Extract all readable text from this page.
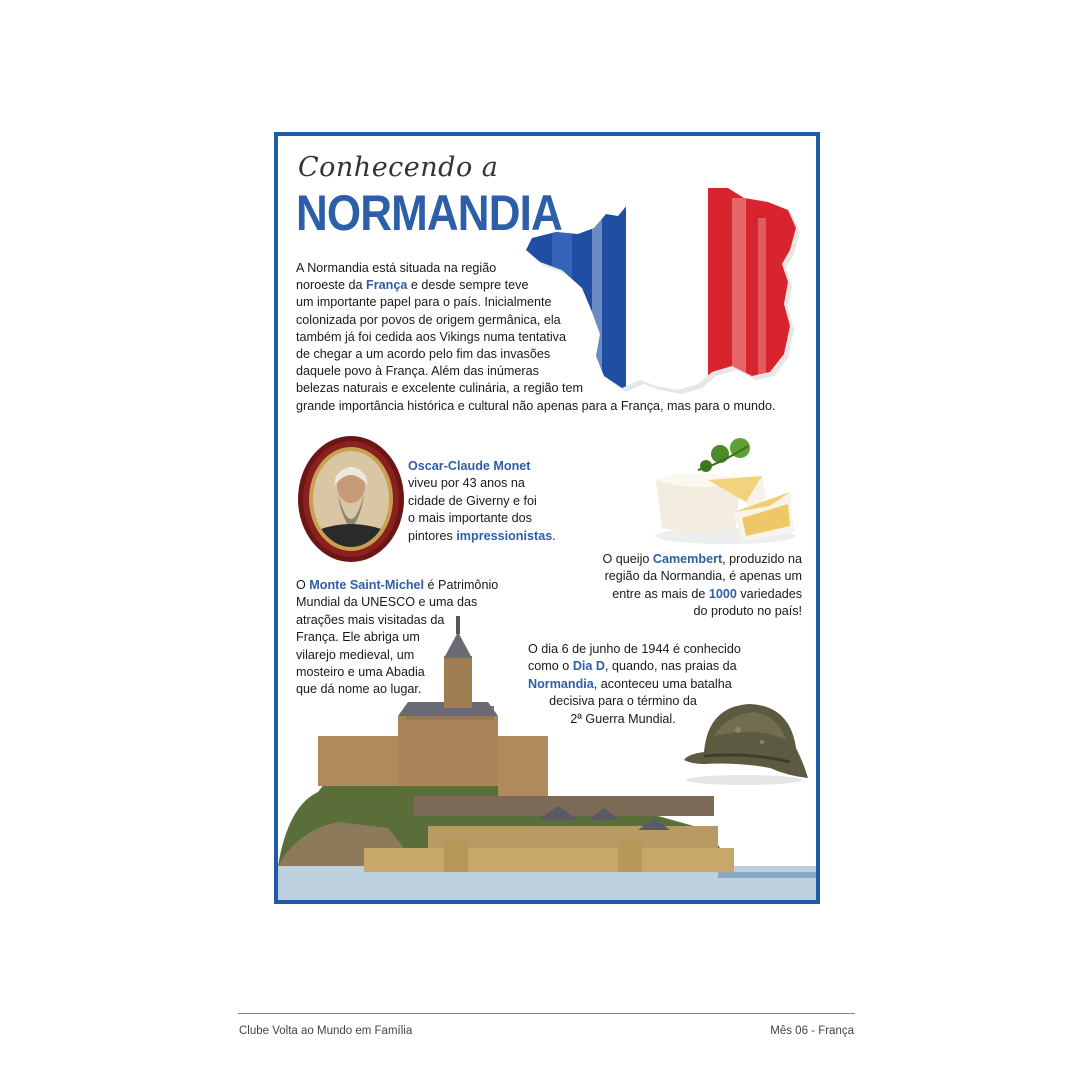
Conhecendo a
NORMANDIA
A Normandia está situada na região
noroeste da França e desde sempre teve
um importante papel para o país. Inicialmente
colonizada por povos de origem germânica, ela
também já foi cedida aos Vikings numa tentativa
de chegar a um acordo pelo fim das invasões
daquele povo à França. Além das inúmeras
belezas naturais e excelente culinária, a região tem
grande importância histórica e cultural não apenas para a França, mas para o mundo.
Oscar-Claude Monet
viveu por 43 anos na
cidade de Giverny e foi
o mais importante dos
pintores impressionistas.
O queijo Camembert, produzido na
região da Normandia, é apenas um
entre as mais de 1000 variedades
do produto no país!
O Monte Saint-Michel é Patrimônio
Mundial da UNESCO e uma das
atrações mais visitadas da
França. Ele abriga um
vilarejo medieval, um
mosteiro e uma Abadia
que dá nome ao lugar.
O dia 6 de junho de 1944 é conhecido
como o Dia D, quando, nas praias da
Normandia, aconteceu uma batalha
decisiva para o término da
2ª Guerra Mundial.
Clube Volta ao Mundo em Família	Mês 06 - França
